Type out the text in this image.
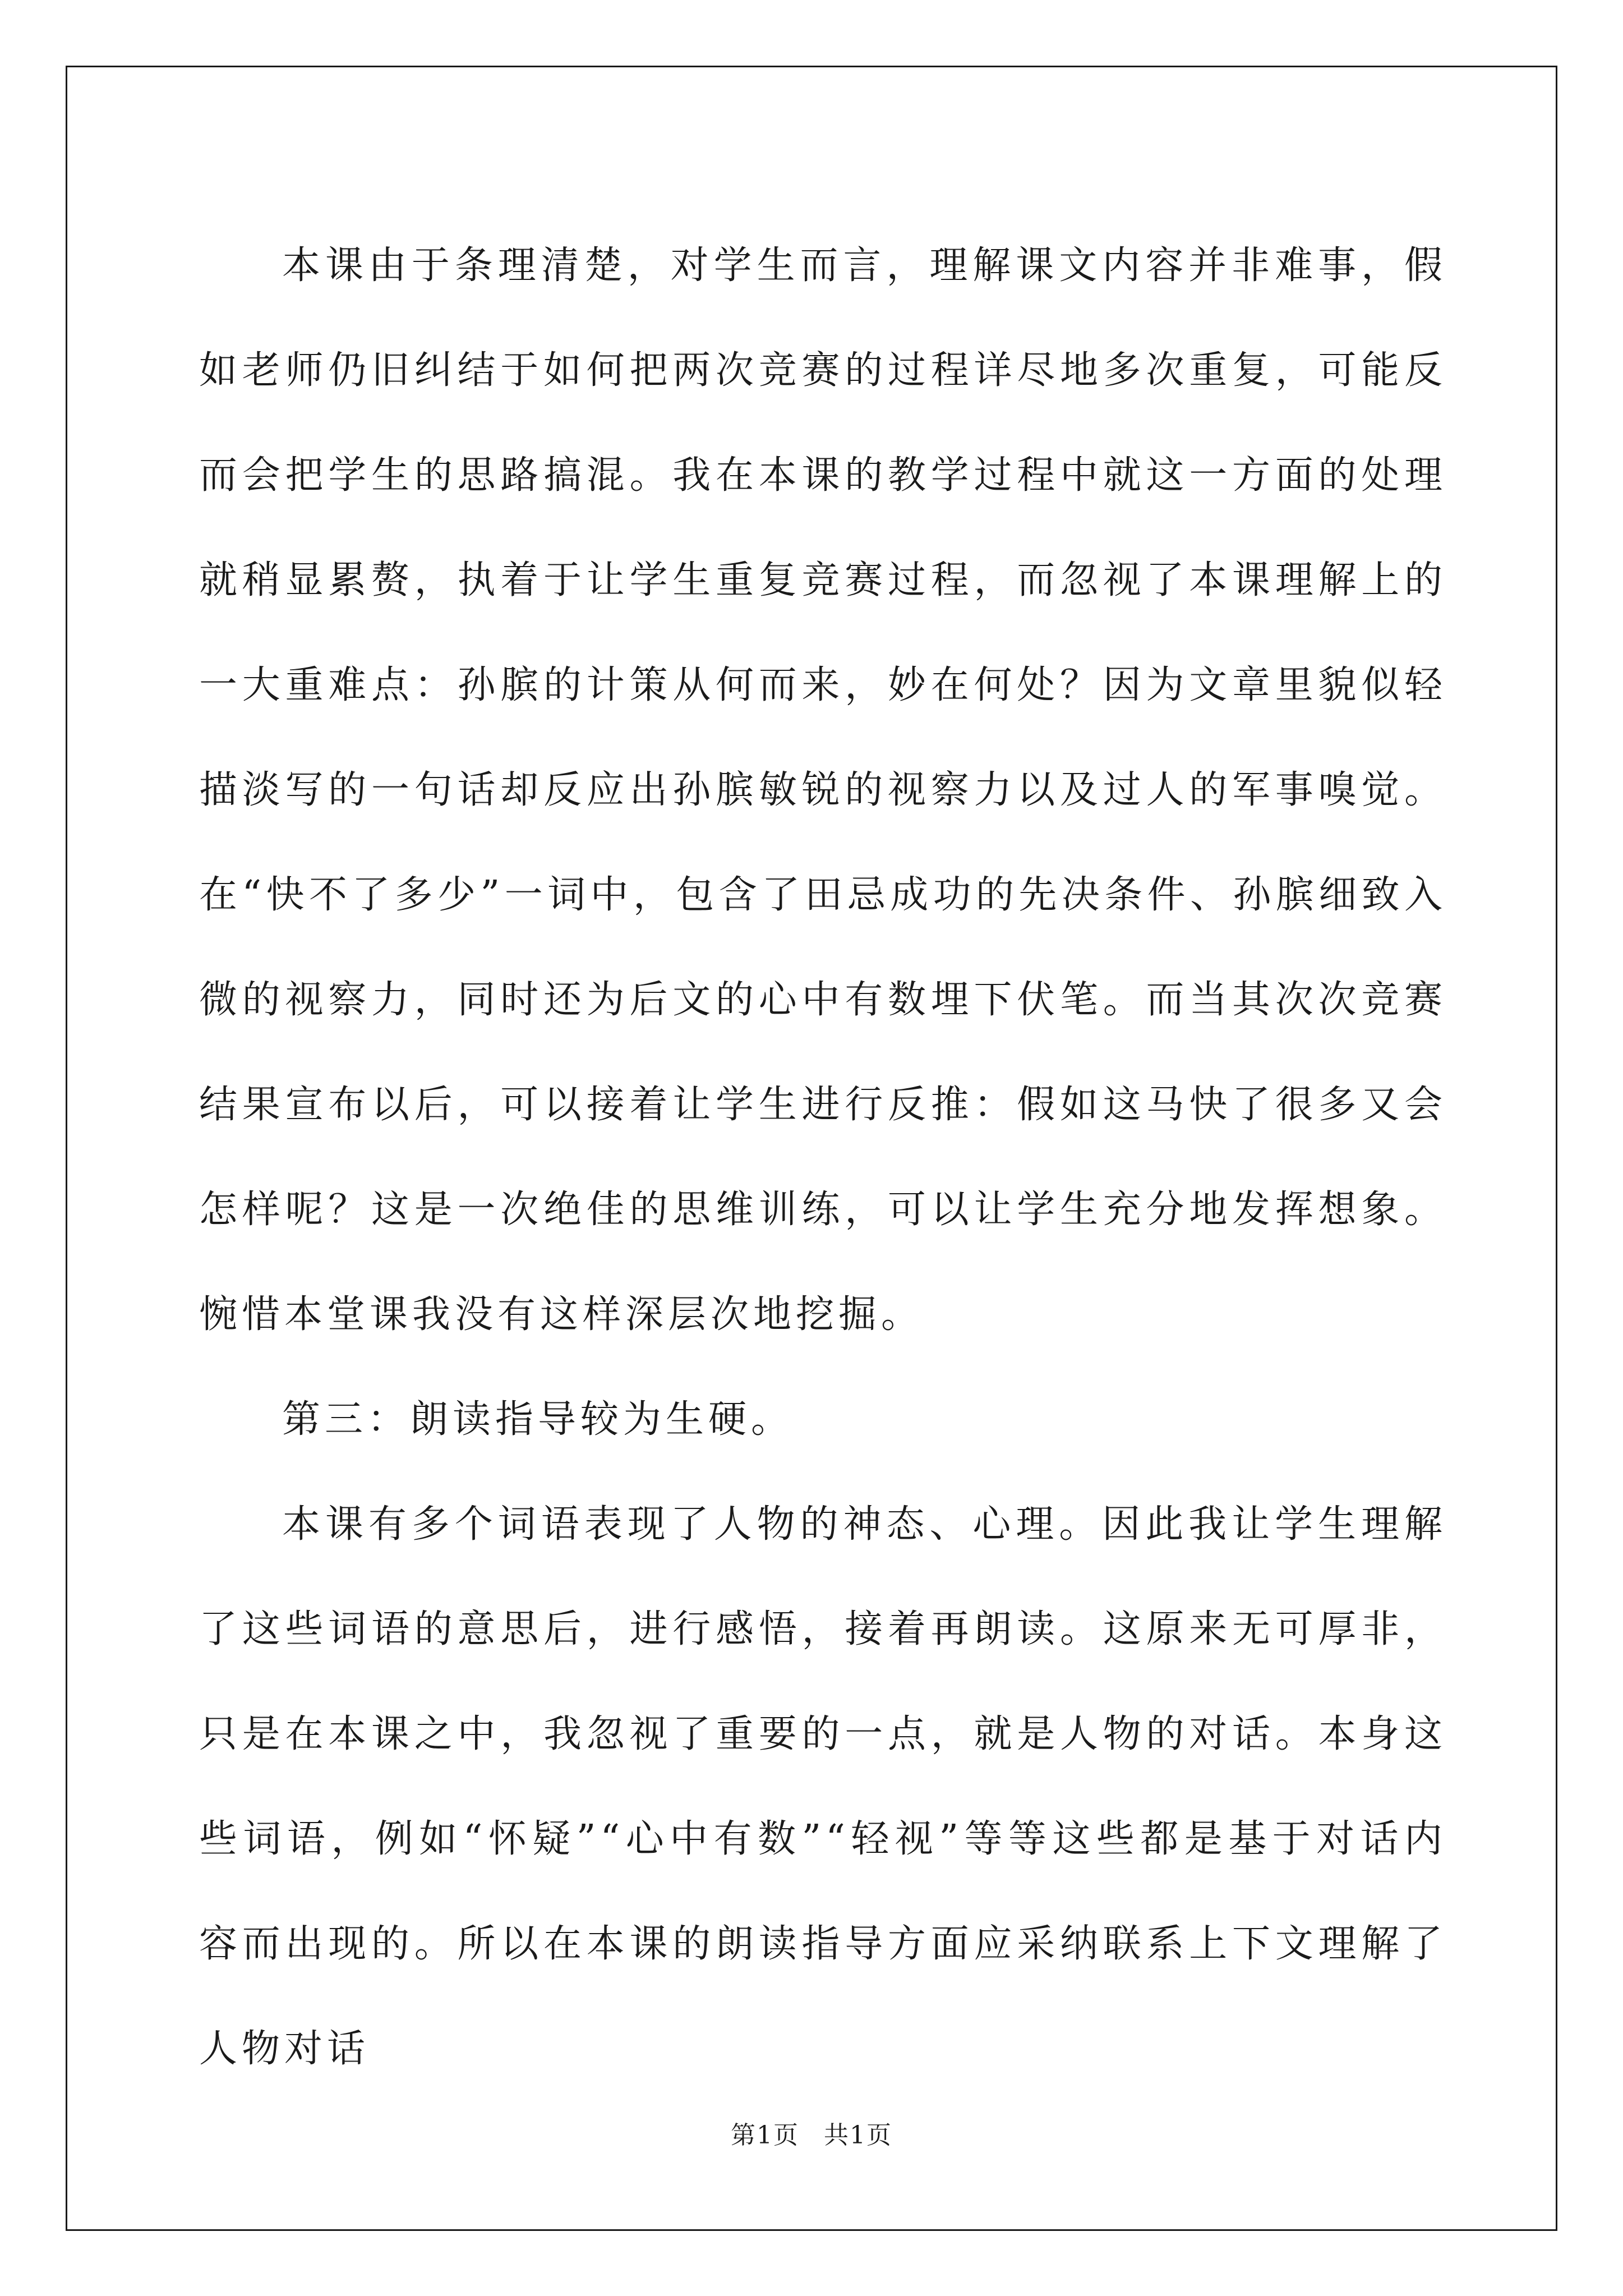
本课由于条理清楚，对学生而言，理解课文内容并非难事，假如老师仍旧纠结于如何把两次竞赛的过程详尽地多次重复，可能反而会把学生的思路搞混。我在本课的教学过程中就这一方面的处理就稍显累赘，执着于让学生重复竞赛过程，而忽视了本课理解上的一大重难点：孙膑的计策从何而来，妙在何处？因为文章里貌似轻描淡写的一句话却反应出孙膑敏锐的视察力以及过人的军事嗅觉。在“快不了多少”一词中，包含了田忌成功的先决条件、孙膑细致入微的视察力，同时还为后文的心中有数埋下伏笔。而当其次次竞赛结果宣布以后，可以接着让学生进行反推：假如这马快了很多又会怎样呢？这是一次绝佳的思维训练，可以让学生充分地发挥想象。惋惜本堂课我没有这样深层次地挖掘。

第三：朗读指导较为生硬。

本课有多个词语表现了人物的神态、心理。因此我让学生理解了这些词语的意思后，进行感悟，接着再朗读。这原来无可厚非，只是在本课之中，我忽视了重要的一点，就是人物的对话。本身这些词语，例如“怀疑”“心中有数”“轻视”等等这些都是基于对话内容而出现的。所以在本课的朗读指导方面应采纳联系上下文理解了人物对话

第1页 共1页
